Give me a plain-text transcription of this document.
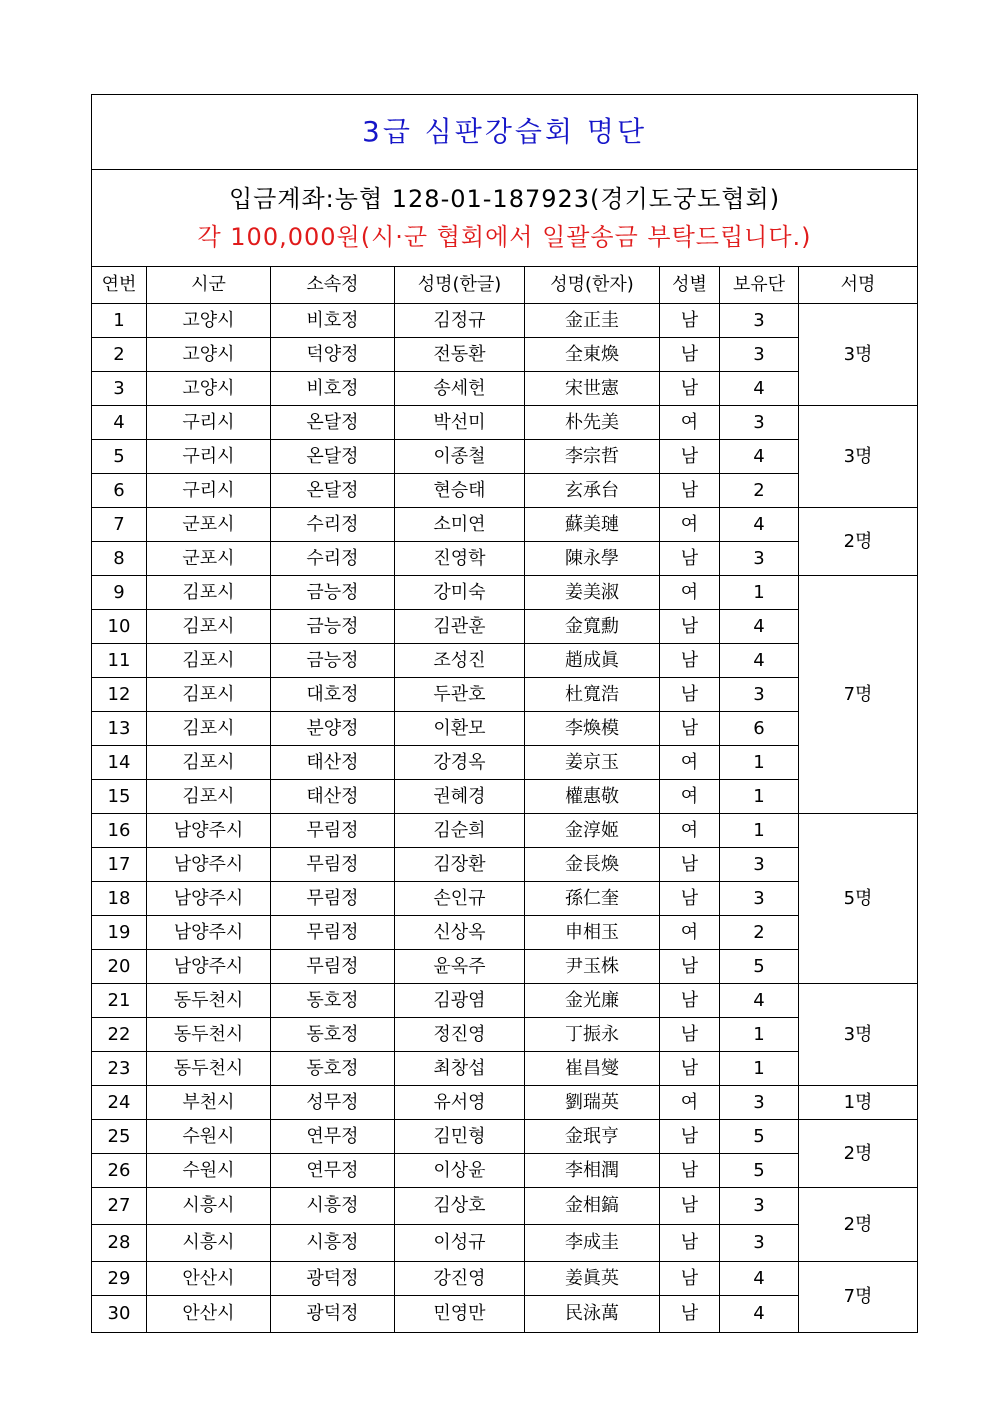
3급 심판강습회 명단							

입금계좌:농협 128-01-187923(경기도궁도협회)
각 100,000원(시·군 협회에서 일괄송금 부탁드립니다.)							

연번	시군	소속정	성명(한글)	성명(한자)	성별	보유단	서명
1	고양시	비호정	김정규	金正圭	남	3	3명
2	고양시	덕양정	전동환	全東煥	남	3	
3	고양시	비호정	송세헌	宋世憲	남	4	
4	구리시	온달정	박선미	朴先美	여	3	3명
5	구리시	온달정	이종철	李宗哲	남	4	
6	구리시	온달정	현승태	玄承台	남	2	
7	군포시	수리정	소미연	蘇美璉	여	4	2명
8	군포시	수리정	진영학	陳永學	남	3	
9	김포시	금능정	강미숙	姜美淑	여	1	7명
10	김포시	금능정	김관훈	金寬勳	남	4	
11	김포시	금능정	조성진	趙成眞	남	4	
12	김포시	대호정	두관호	杜寬浩	남	3	
13	김포시	분양정	이환모	李煥模	남	6	
14	김포시	태산정	강경옥	姜京玉	여	1	
15	김포시	태산정	권혜경	權惠敬	여	1	
16	남양주시	무림정	김순희	金淳姬	여	1	5명
17	남양주시	무림정	김장환	金長煥	남	3	
18	남양주시	무림정	손인규	孫仁奎	남	3	
19	남양주시	무림정	신상옥	申相玉	여	2	
20	남양주시	무림정	윤옥주	尹玉株	남	5	
21	동두천시	동호정	김광염	金光廉	남	4	3명
22	동두천시	동호정	정진영	丁振永	남	1	
23	동두천시	동호정	최창섭	崔昌燮	남	1	
24	부천시	성무정	유서영	劉瑞英	여	3	1명
25	수원시	연무정	김민형	金珉亨	남	5	2명
26	수원시	연무정	이상윤	李相潤	남	5	
27	시흥시	시흥정	김상호	金相鎬	남	3	2명
28	시흥시	시흥정	이성규	李成圭	남	3	
29	안산시	광덕정	강진영	姜眞英	남	4	7명
30	안산시	광덕정	민영만	民泳萬	남	4	
